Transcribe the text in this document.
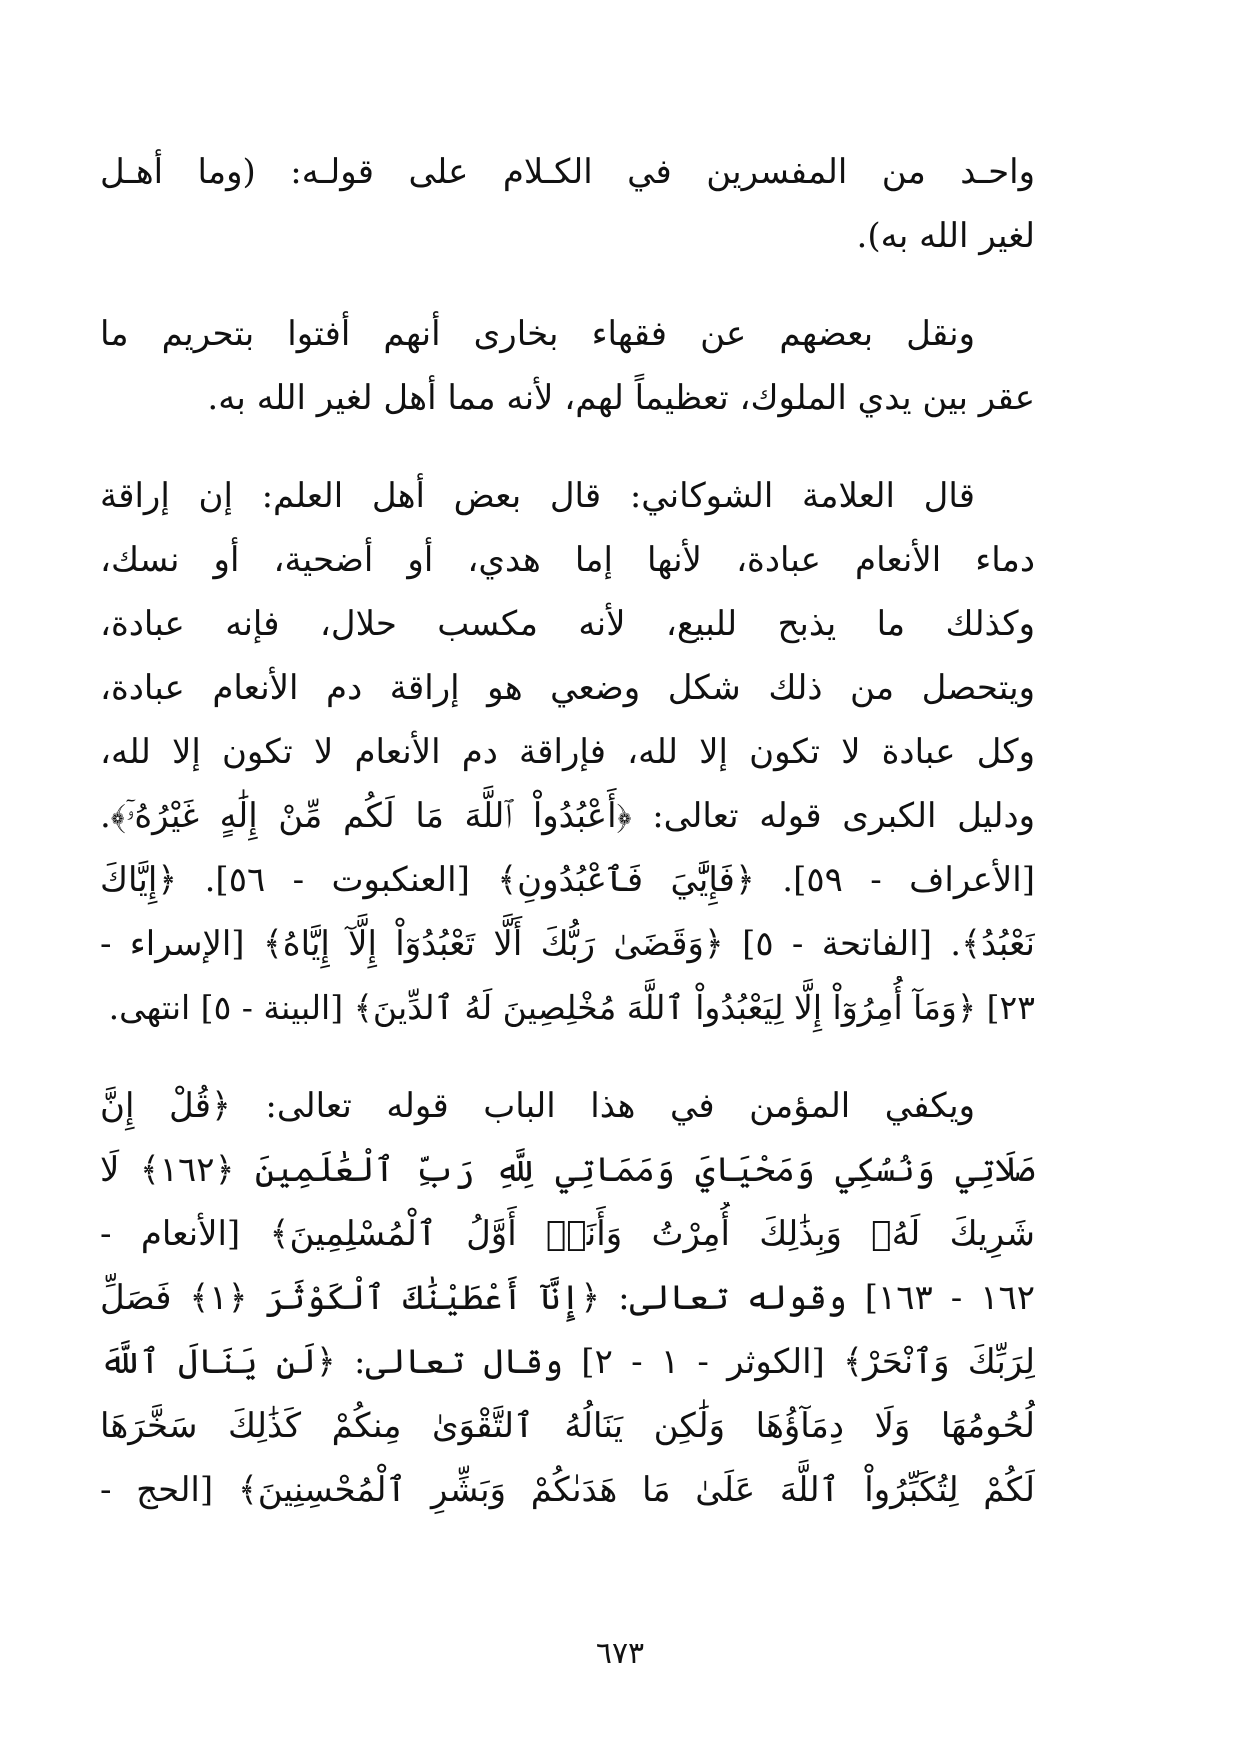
واحـد من المفسرين في الكـلام على قولـه: (وما أهـل
لغير الله به).

ونقل بعضهم عن فقهاء بخارى أنهم أفتوا بتحريم ما
عقر بين يدي الملوك، تعظيماً لهم، لأنه مما أهل لغير الله به.

قال العلامة الشوكاني: قال بعض أهل العلم: إن إراقة
دماء الأنعام عبادة، لأنها إما هدي، أو أضحية، أو نسك،
وكذلك ما يذبح للبيع، لأنه مكسب حلال، فإنه عبادة،
ويتحصل من ذلك شكل وضعي هو إراقة دم الأنعام عبادة،
وكل عبادة لا تكون إلا لله، فإراقة دم الأنعام لا تكون إلا لله،
ودليل الكبرى قوله تعالى: ﴿أَعْبُدُواْ ٱللَّهَ مَا لَكُم مِّنْ إِلَٰهٍ غَيْرُهُۥٓ﴾.
[الأعراف - ٥٩]. ﴿فَإِيَّٰيَ فَٱعْبُدُونِ﴾ [العنكبوت - ٥٦]. ﴿إِيَّاكَ
نَعْبُدُ﴾. [الفاتحة - ٥] ﴿وَقَضَىٰ رَبُّكَ أَلَّا تَعْبُدُوٓاْ إِلَّآ إِيَّاهُ﴾ [الإسراء -
٢٣] ﴿وَمَآ أُمِرُوٓاْ إِلَّا لِيَعْبُدُواْ ٱللَّهَ مُخْلِصِينَ لَهُ ٱلدِّينَ﴾ [البينة - ٥] انتهى.

ويكفي المؤمن في هذا الباب قوله تعالى: ﴿قُلْ إِنَّ
صَلَاتِي وَنُسُكِي وَمَحْيَايَ وَمَمَاتِي لِلَّهِ رَبِّ ٱلْعَٰلَمِينَ ﴿١٦٢﴾ لَا
شَرِيكَ لَهُۥ وَبِذَٰلِكَ أُمِرْتُ وَأَنَا۠ أَوَّلُ ٱلْمُسْلِمِينَ﴾ [الأنعام -
١٦٢ - ١٦٣] وقوله تعالى: ﴿إِنَّآ أَعْطَيْنَٰكَ ٱلْكَوْثَرَ ﴿١﴾ فَصَلِّ
لِرَبِّكَ وَٱنْحَرْ﴾ [الكوثر - ١ - ٢] وقال تعالى: ﴿لَن يَنَالَ ٱللَّهَ
لُحُومُهَا وَلَا دِمَآؤُهَا وَلَٰكِن يَنَالُهُ ٱلتَّقْوَىٰ مِنكُمْ كَذَٰلِكَ سَخَّرَهَا
لَكُمْ لِتُكَبِّرُواْ ٱللَّهَ عَلَىٰ مَا هَدَىٰكُمْ وَبَشِّرِ ٱلْمُحْسِنِينَ﴾ [الحج -

٦٧٣
